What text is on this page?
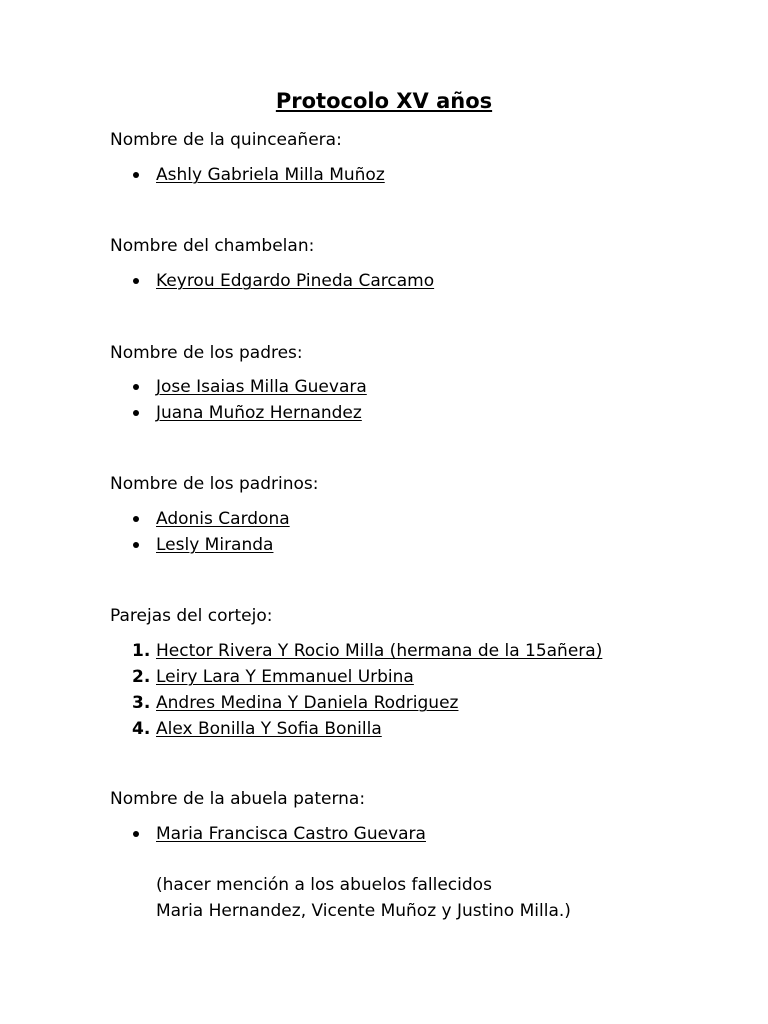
Protocolo XV años

Nombre de la quinceañera:

Ashly Gabriela Milla Muñoz

Nombre del chambelan:

Keyrou Edgardo Pineda Carcamo

Nombre de los padres:

Jose Isaias Milla Guevara
Juana Muñoz Hernandez

Nombre de los padrinos:

Adonis Cardona
Lesly Miranda

Parejas del cortejo:

1. Hector Rivera Y Rocio Milla (hermana de la 15añera)
2. Leiry Lara Y Emmanuel Urbina
3. Andres Medina Y Daniela Rodriguez
4. Alex Bonilla Y Sofia Bonilla

Nombre de la abuela paterna:

Maria Francisca Castro Guevara

(hacer mención a los abuelos fallecidos

Maria Hernandez, Vicente Muñoz y Justino Milla.)
